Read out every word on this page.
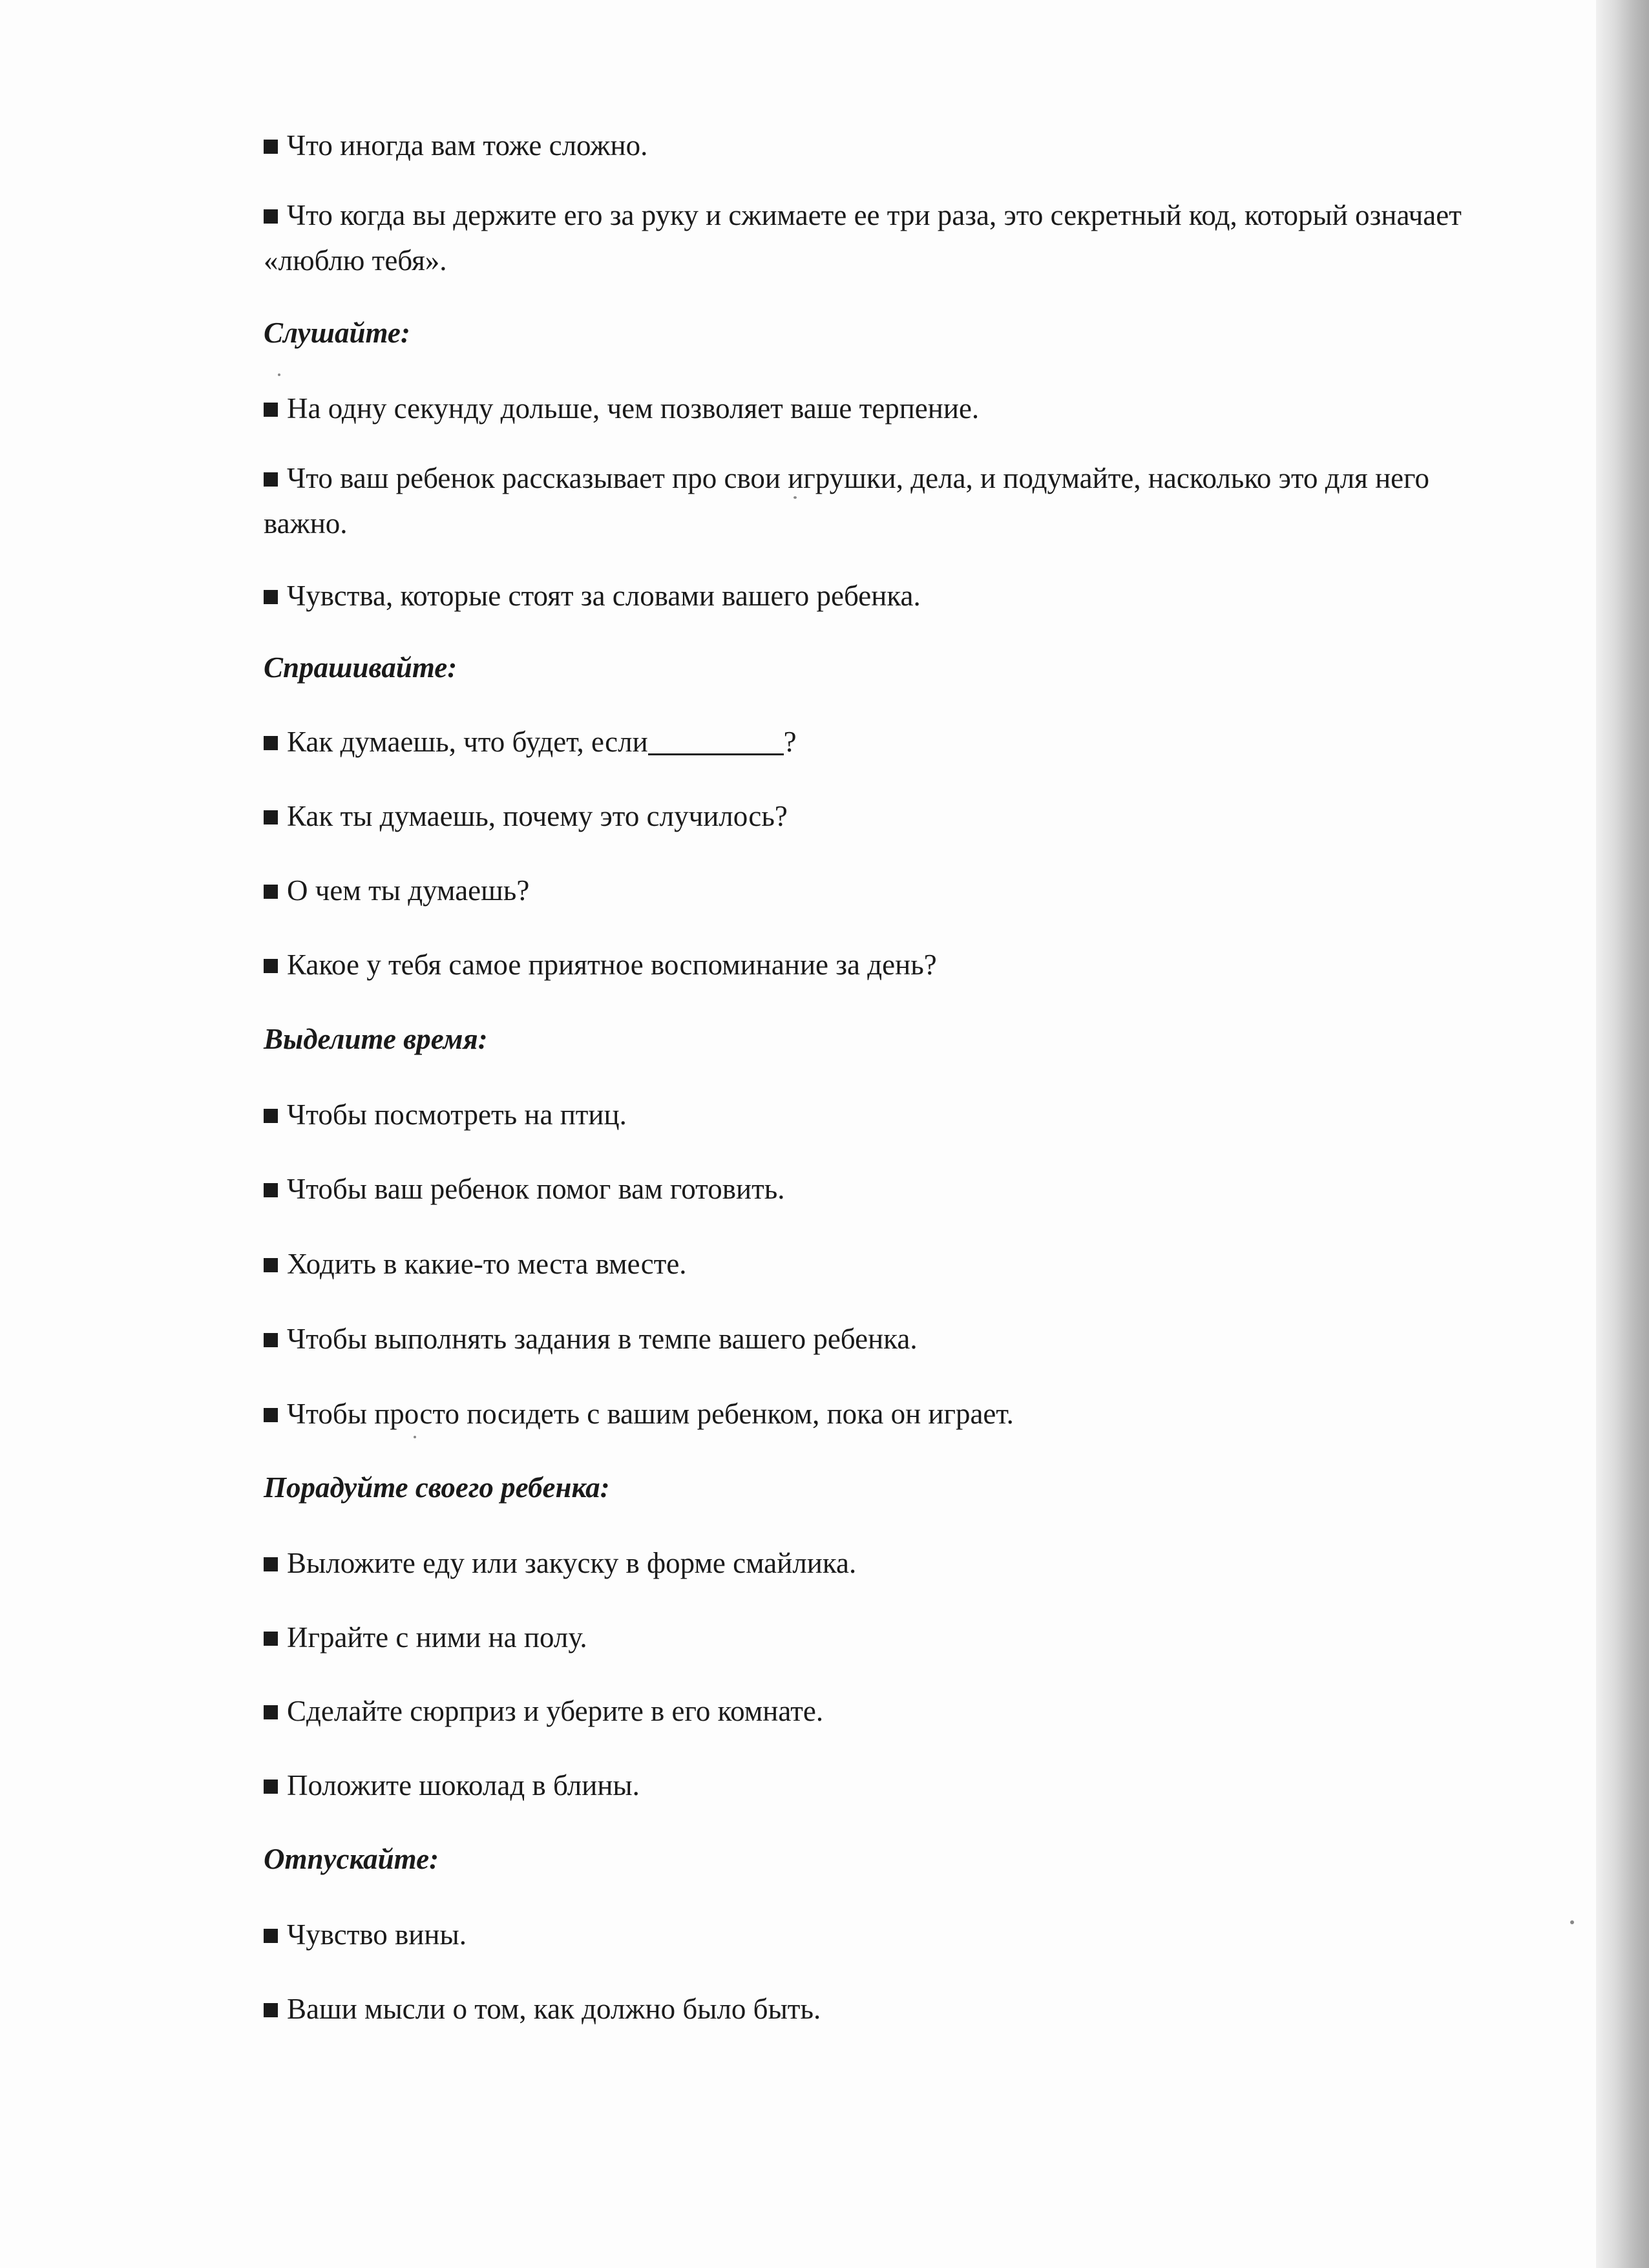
Что иногда вам тоже сложно.
Что когда вы держите его за руку и сжимаете ее три раза, это секретный код, который означает «люблю тебя».
Слушайте:
На одну секунду дольше, чем позволяет ваше терпение.
Что ваш ребенок рассказывает про свои игрушки, дела, и подумайте, насколько это для него важно.
Чувства, которые стоят за словами вашего ребенка.
Спрашивайте:
Как думаешь, что будет, если	?
Как ты думаешь, почему это случилось?
О чем ты думаешь?
Какое у тебя самое приятное воспоминание за день?
Выделите время:
Чтобы посмотреть на птиц.
Чтобы ваш ребенок помог вам готовить.
Ходить в какие-то места вместе.
Чтобы выполнять задания в темпе вашего ребенка.
Чтобы просто посидеть с вашим ребенком, пока он играет.
Порадуйте своего ребенка:
Выложите еду или закуску в форме смайлика.
Играйте с ними на полу.
Сделайте сюрприз и уберите в его комнате.
Положите шоколад в блины.
Отпускайте:
Чувство вины.
Ваши мысли о том, как должно было быть.
